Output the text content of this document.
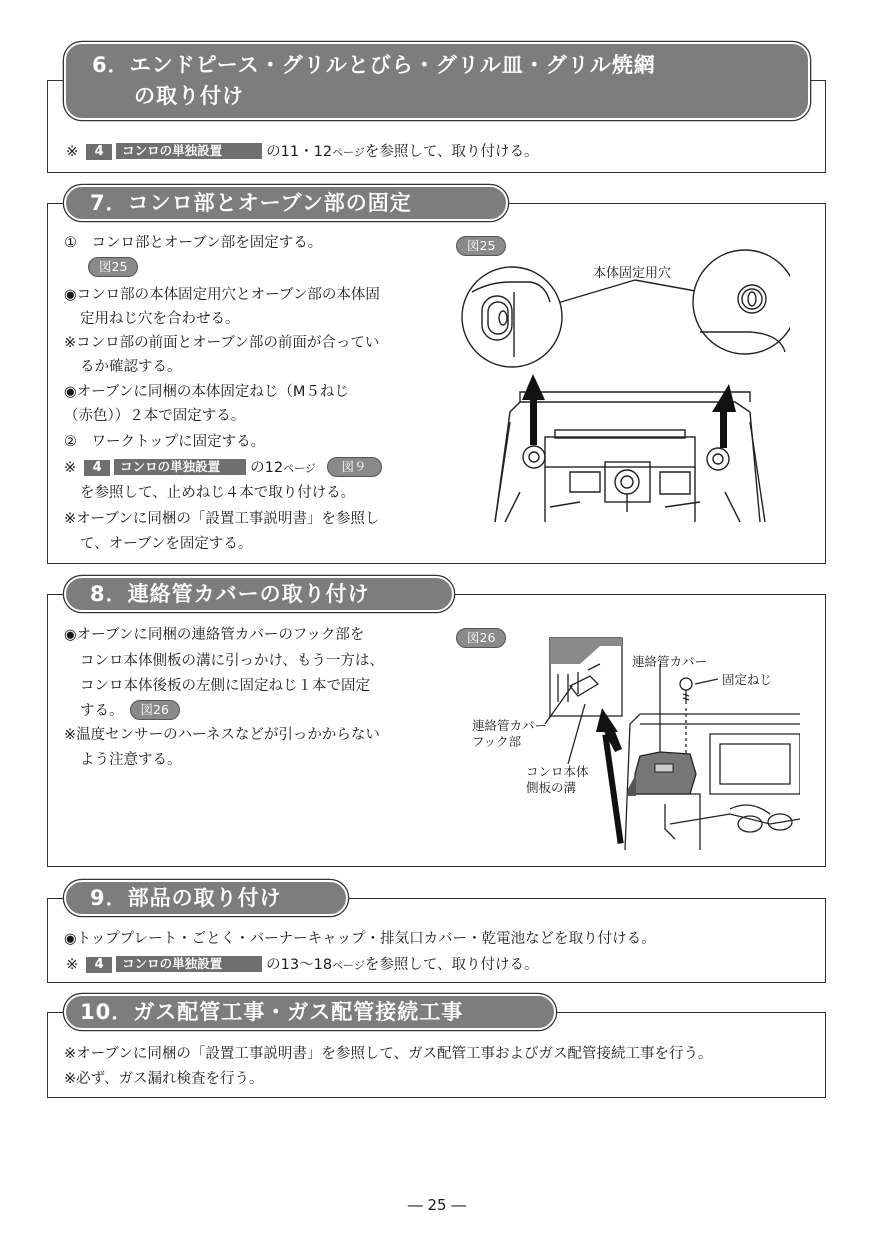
6．エンドピース・グリルとびら・グリル皿・グリル焼網
の取り付け
※ 4 コンロの単独設置	の11・12ページを参照して、取り付ける。
7．コンロ部とオーブン部の固定
①　コンロ部とオーブン部を固定する。
図25
◉コンロ部の本体固定用穴とオーブン部の本体固
定用ねじ穴を合わせる。
※コンロ部の前面とオーブン部の前面が合ってい
るか確認する。
◉オーブンに同梱の本体固定ねじ（M５ねじ
（赤色））２本で固定する。
②　ワークトップに固定する。
※ 4 コンロの単独設置 の12ページ 図９
を参照して、止めねじ４本で取り付ける。
※オーブンに同梱の「設置工事説明書」を参照し
て、オーブンを固定する。
図25
本体固定用穴
8．連絡管カバーの取り付け
◉オーブンに同梱の連絡管カバーのフック部を
コンロ本体側板の溝に引っかけ、もう一方は、
コンロ本体後板の左側に固定ねじ１本で固定
する。 図26
※温度センサーのハーネスなどが引っかからない
よう注意する。
図26
連絡管カバー
固定ねじ
連絡管カバー
フック部
コンロ本体
側板の溝
9．部品の取り付け
◉トッププレート・ごとく・バーナーキャップ・排気口カバー・乾電池などを取り付ける。
※ 4 コンロの単独設置	の13〜18ページを参照して、取り付ける。
10．ガス配管工事・ガス配管接続工事
※オーブンに同梱の「設置工事説明書」を参照して、ガス配管工事およびガス配管接続工事を行う。
※必ず、ガス漏れ検査を行う。
― 25 ―
